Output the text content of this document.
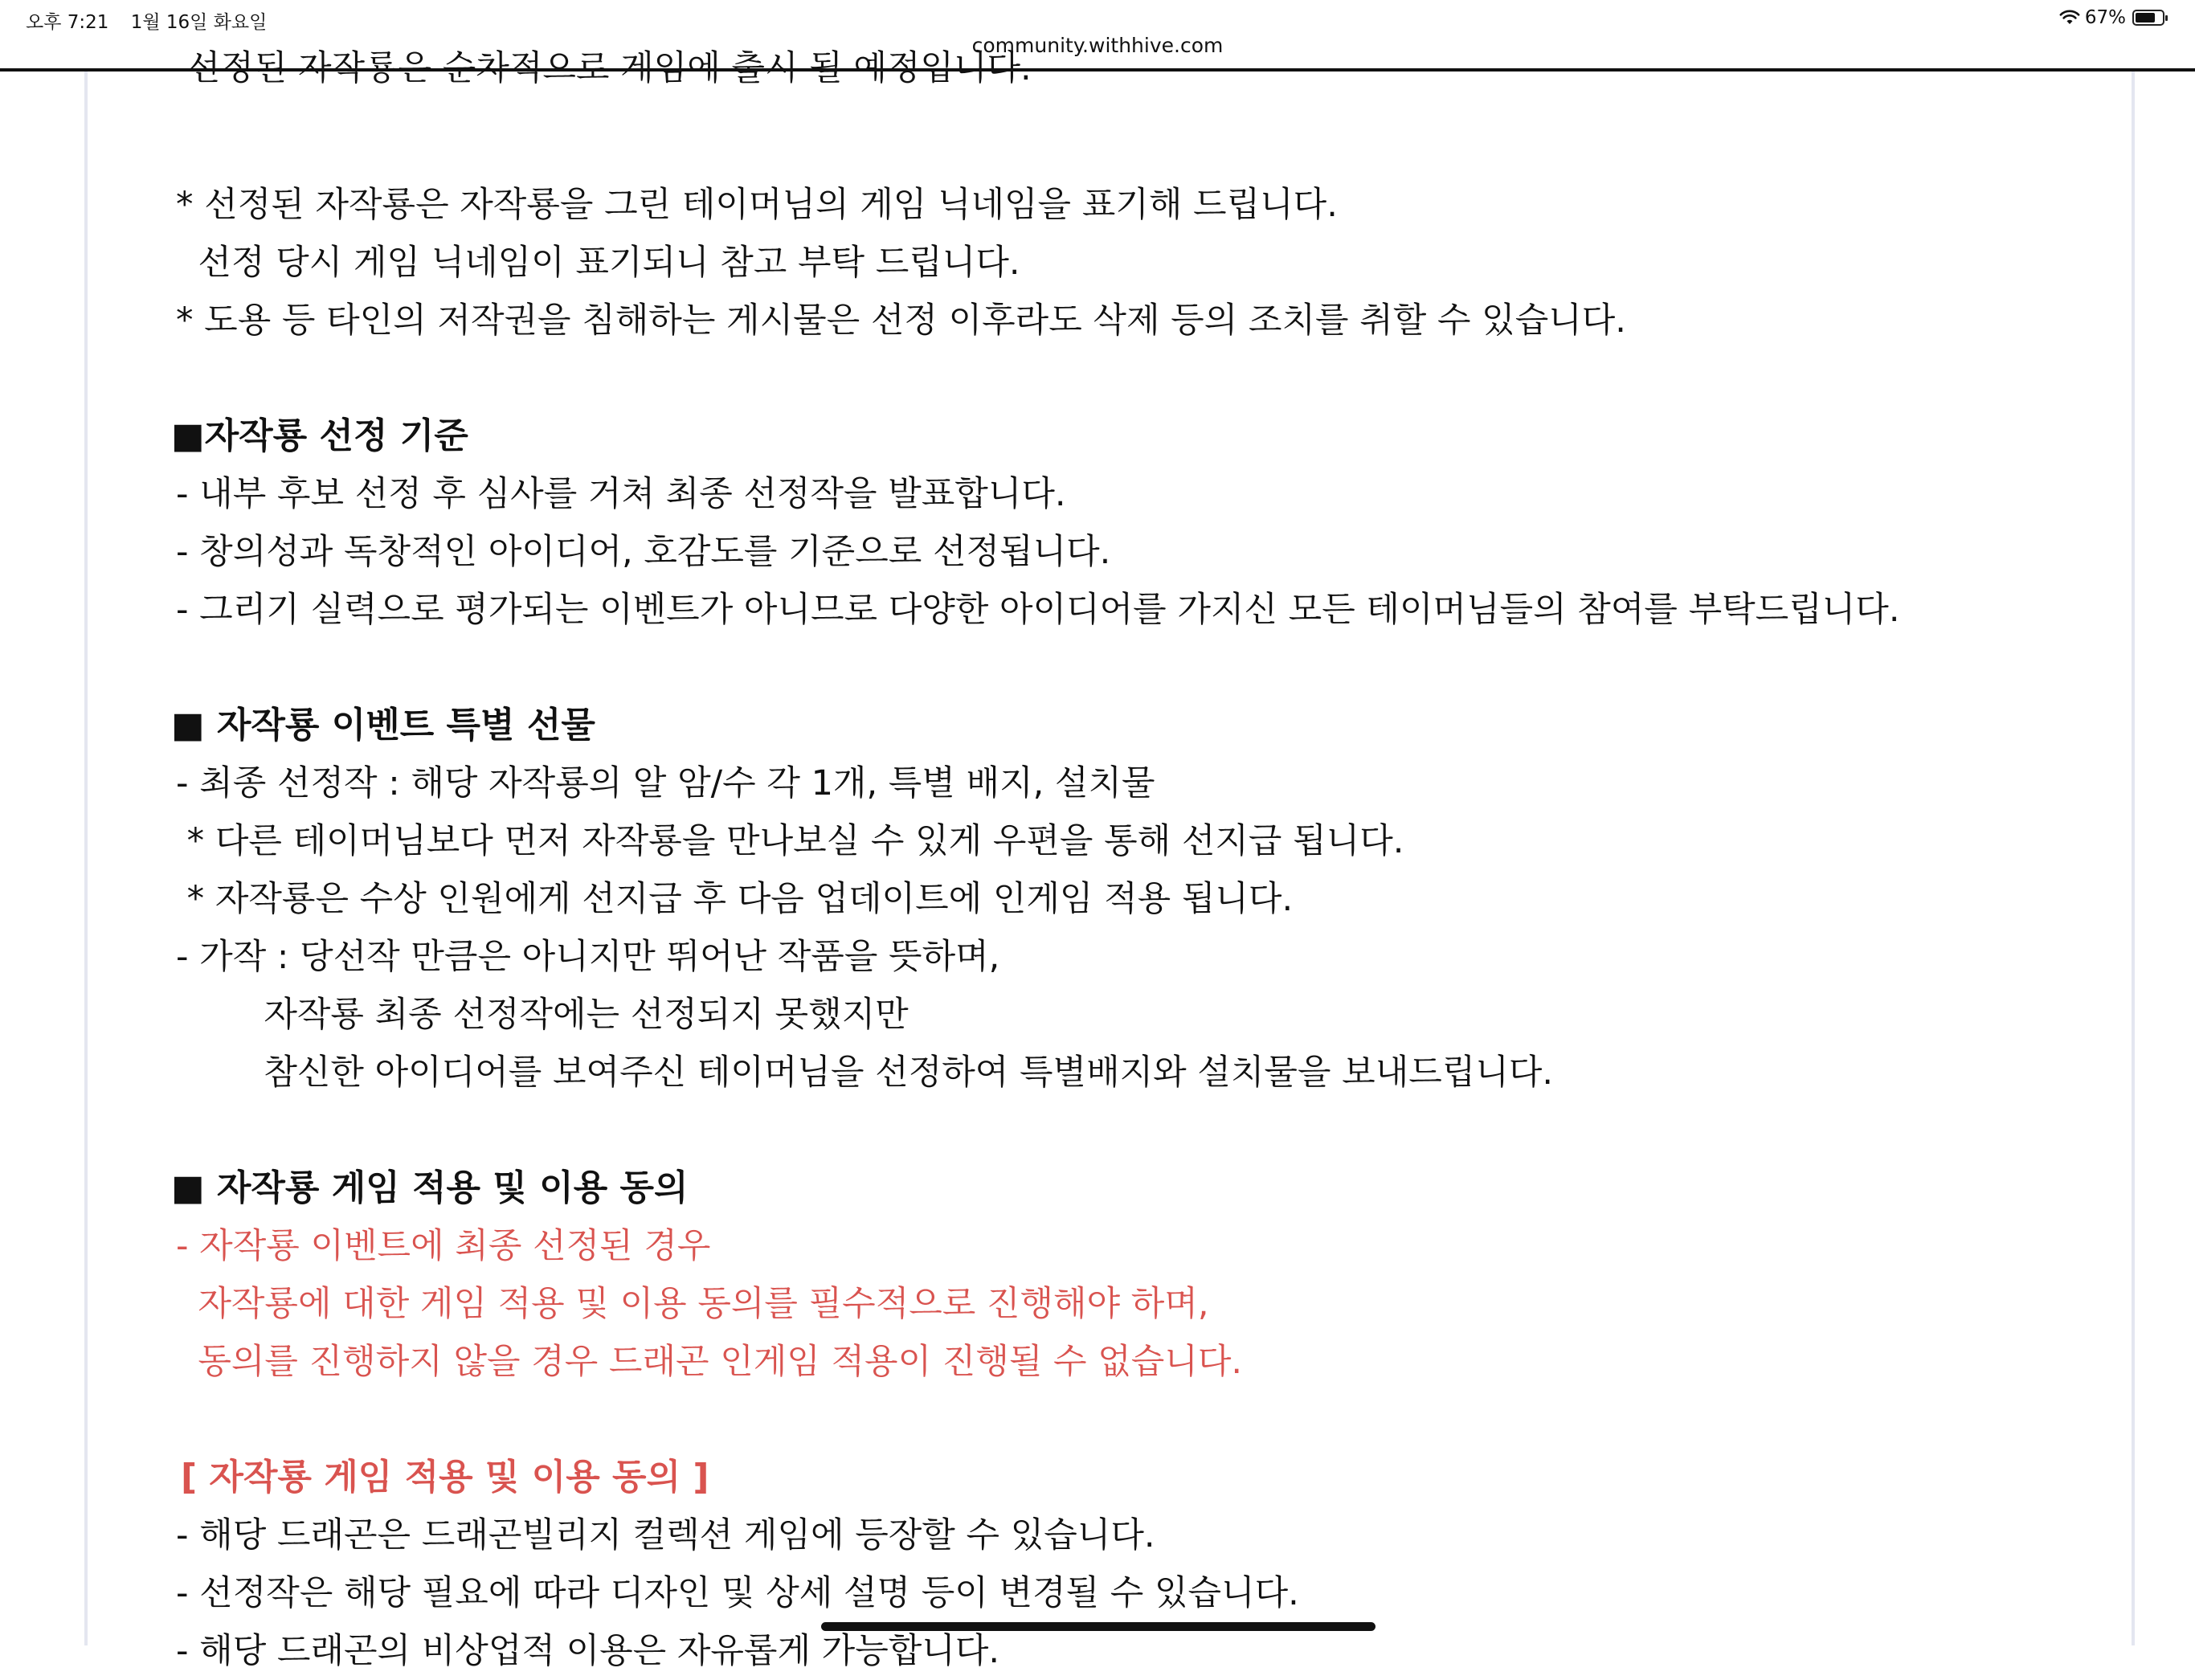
오후 7:21 1월 16일 화요일	67%
community.withhive.com
선정된 자작룡은 순차적으로 게임에 출시 될 예정입니다.
* 선정된 자작룡은 자작룡을 그린 테이머님의 게임 닉네임을 표기해 드립니다.
선정 당시 게임 닉네임이 표기되니 참고 부탁 드립니다.
* 도용 등 타인의 저작권을 침해하는 게시물은 선정 이후라도 삭제 등의 조치를 취할 수 있습니다.
■자작룡 선정 기준
- 내부 후보 선정 후 심사를 거쳐 최종 선정작을 발표합니다.
- 창의성과 독창적인 아이디어, 호감도를 기준으로 선정됩니다.
- 그리기 실력으로 평가되는 이벤트가 아니므로 다양한 아이디어를 가지신 모든 테이머님들의 참여를 부탁드립니다.
■ 자작룡 이벤트 특별 선물
- 최종 선정작 : 해당 자작룡의 알 암/수 각 1개, 특별 배지, 설치물
* 다른 테이머님보다 먼저 자작룡을 만나보실 수 있게 우편을 통해 선지급 됩니다.
* 자작룡은 수상 인원에게 선지급 후 다음 업데이트에 인게임 적용 됩니다.
- 가작 : 당선작 만큼은 아니지만 뛰어난 작품을 뜻하며,
자작룡 최종 선정작에는 선정되지 못했지만
참신한 아이디어를 보여주신 테이머님을 선정하여 특별배지와 설치물을 보내드립니다.
■ 자작룡 게임 적용 및 이용 동의
- 자작룡 이벤트에 최종 선정된 경우
자작룡에 대한 게임 적용 및 이용 동의를 필수적으로 진행해야 하며,
동의를 진행하지 않을 경우 드래곤 인게임 적용이 진행될 수 없습니다.
[ 자작룡 게임 적용 및 이용 동의 ]
- 해당 드래곤은 드래곤빌리지 컬렉션 게임에 등장할 수 있습니다.
- 선정작은 해당 필요에 따라 디자인 및 상세 설명 등이 변경될 수 있습니다.
- 해당 드래곤의 비상업적 이용은 자유롭게 가능합니다.
